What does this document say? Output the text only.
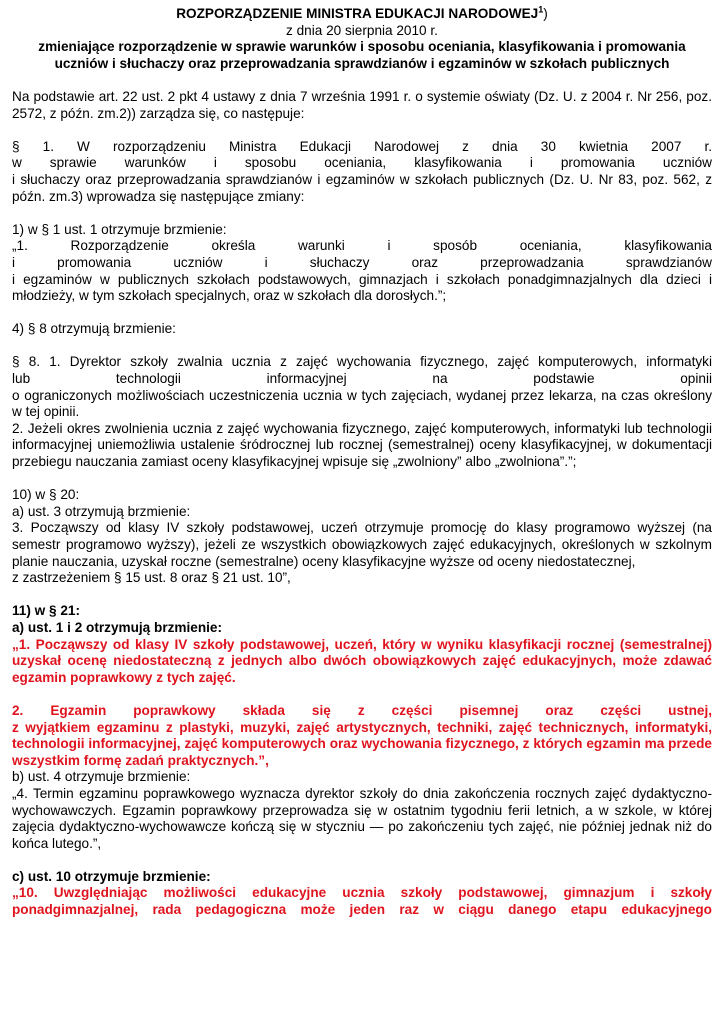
ROZPORZĄDZENIE MINISTRA EDUKACJI NARODOWEJ$^1$)
z dnia 20 sierpnia 2010 r.
zmieniające rozporządzenie w sprawie warunków i sposobu oceniania, klasyfikowania i promowania
uczniów i słuchaczy oraz przeprowadzania sprawdzianów i egzaminów w szkołach publicznych
Na podstawie art. 22 ust. 2 pkt 4 ustawy z dnia 7 września 1991 r. o systemie oświaty (Dz. U. z 2004 r. Nr 256, poz. 2572, z późn. zm.2)) zarządza się, co następuje:
§ 1. W rozporządzeniu Ministra Edukacji Narodowej z dnia 30 kwietnia 2007 r.
w sprawie warunków i sposobu oceniania, klasyfikowania i promowania uczniów
i słuchaczy oraz przeprowadzania sprawdzianów i egzaminów w szkołach publicznych (Dz. U. Nr 83, poz. 562, z późn. zm.3) wprowadza się następujące zmiany:
1) w § 1 ust. 1 otrzymuje brzmienie:
„1. Rozporządzenie określa warunki i sposób oceniania, klasyfikowania
i promowania uczniów i słuchaczy oraz przeprowadzania sprawdzianów
i egzaminów w publicznych szkołach podstawowych, gimnazjach i szkołach ponadgimnazjalnych dla dzieci i młodzieży, w tym szkołach specjalnych, oraz w szkołach dla dorosłych.”;
4) § 8 otrzymują brzmienie:
§ 8. 1. Dyrektor szkoły zwalnia ucznia z zajęć wychowania fizycznego, zajęć komputerowych, informatyki
lub technologii informacyjnej na podstawie opinii
o ograniczonych możliwościach uczestniczenia ucznia w tych zajęciach, wydanej przez lekarza, na czas określony w tej opinii.
2. Jeżeli okres zwolnienia ucznia z zajęć wychowania fizycznego, zajęć komputerowych, informatyki lub technologii informacyjnej uniemożliwia ustalenie śródrocznej lub rocznej (semestralnej) oceny klasyfikacyjnej, w dokumentacji przebiegu nauczania zamiast oceny klasyfikacyjnej wpisuje się „zwolniony” albo „zwolniona”.”;
10) w § 20:
a) ust. 3 otrzymują brzmienie:
3. Począwszy od klasy IV szkoły podstawowej, uczeń otrzymuje promocję do klasy programowo wyższej (na semestr programowo wyższy), jeżeli ze wszystkich obowiązkowych zajęć edukacyjnych, określonych w szkolnym planie nauczania, uzyskał roczne (semestralne) oceny klasyfikacyjne wyższe od oceny niedostatecznej,
z zastrzeżeniem § 15 ust. 8 oraz § 21 ust. 10”,
11) w § 21:
a) ust. 1 i 2 otrzymują brzmienie:
„1. Począwszy od klasy IV szkoły podstawowej, uczeń, który w wyniku klasyfikacji rocznej (semestralnej) uzyskał ocenę niedostateczną z jednych albo dwóch obowiązkowych zajęć edukacyjnych, może zdawać egzamin poprawkowy z tych zajęć.
2. Egzamin poprawkowy składa się z części pisemnej oraz części ustnej,
z wyjątkiem egzaminu z plastyki, muzyki, zajęć artystycznych, techniki, zajęć technicznych, informatyki, technologii informacyjnej, zajęć komputerowych oraz wychowania fizycznego, z których egzamin ma przede wszystkim formę zadań praktycznych.”,
b) ust. 4 otrzymuje brzmienie:
„4. Termin egzaminu poprawkowego wyznacza dyrektor szkoły do dnia zakończenia rocznych zajęć dydaktyczno-wychowawczych. Egzamin poprawkowy przeprowadza się w ostatnim tygodniu ferii letnich, a w szkole, w której zajęcia dydaktyczno-wychowawcze kończą się w styczniu — po zakończeniu tych zajęć, nie później jednak niż do końca lutego.”,
c) ust. 10 otrzymuje brzmienie:
„10. Uwzględniając możliwości edukacyjne ucznia szkoły podstawowej, gimnazjum i szkoły ponadgimnazjalnej, rada pedagogiczna może jeden raz w ciągu danego etapu edukacyjnego
